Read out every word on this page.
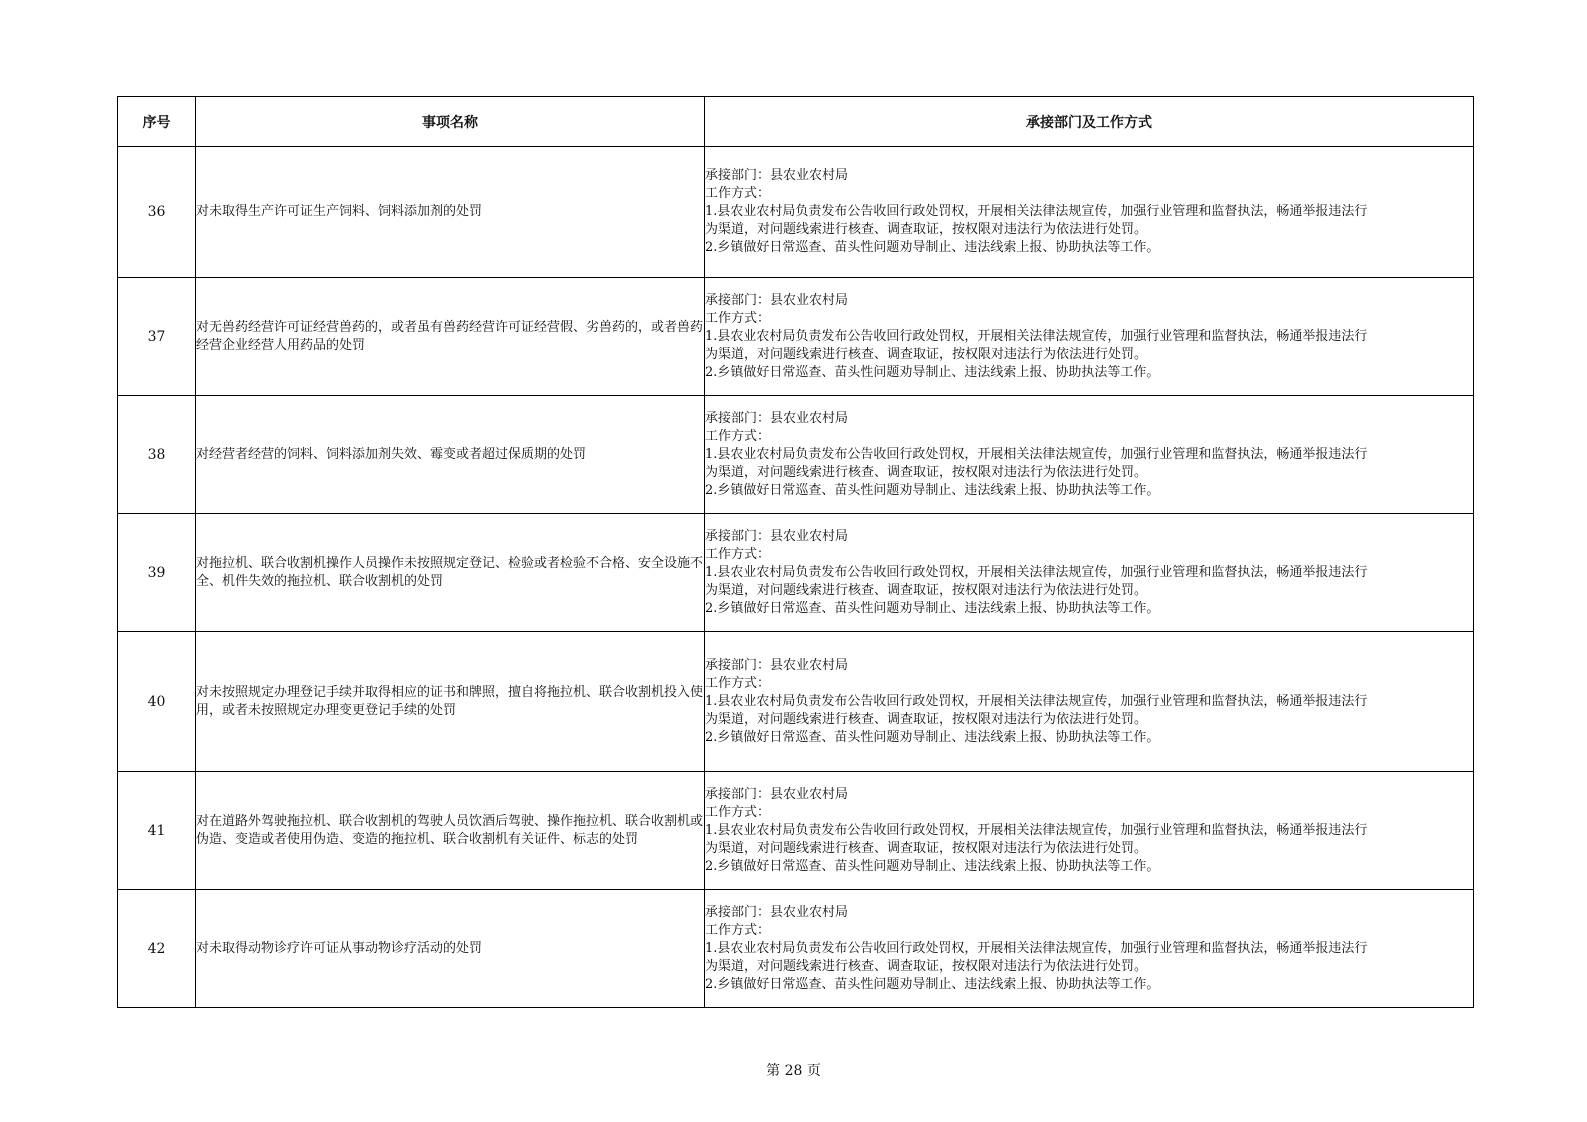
序号	事项名称	承接部门及工作方式
36	对未取得生产许可证生产饲料、饲料添加剂的处罚	承接部门：县农业农村局
工作方式：
1.县农业农村局负责发布公告收回行政处罚权，开展相关法律法规宣传，加强行业管理和监督执法，畅通举报违法行
为渠道，对问题线索进行核查、调查取证，按权限对违法行为依法进行处罚。
2.乡镇做好日常巡查、苗头性问题劝导制止、违法线索上报、协助执法等工作。

37	对无兽药经营许可证经营兽药的，或者虽有兽药经营许可证经营假、劣兽药的，或者兽药经营企业经营人用药品的处罚	承接部门：县农业农村局
工作方式：
1.县农业农村局负责发布公告收回行政处罚权，开展相关法律法规宣传，加强行业管理和监督执法，畅通举报违法行
为渠道，对问题线索进行核查、调查取证，按权限对违法行为依法进行处罚。
2.乡镇做好日常巡查、苗头性问题劝导制止、违法线索上报、协助执法等工作。

38	对经营者经营的饲料、饲料添加剂失效、霉变或者超过保质期的处罚	承接部门：县农业农村局
工作方式：
1.县农业农村局负责发布公告收回行政处罚权，开展相关法律法规宣传，加强行业管理和监督执法，畅通举报违法行
为渠道，对问题线索进行核查、调查取证，按权限对违法行为依法进行处罚。
2.乡镇做好日常巡查、苗头性问题劝导制止、违法线索上报、协助执法等工作。

39	对拖拉机、联合收割机操作人员操作未按照规定登记、检验或者检验不合格、安全设施不全、机件失效的拖拉机、联合收割机的处罚	承接部门：县农业农村局
工作方式：
1.县农业农村局负责发布公告收回行政处罚权，开展相关法律法规宣传，加强行业管理和监督执法，畅通举报违法行
为渠道，对问题线索进行核查、调查取证，按权限对违法行为依法进行处罚。
2.乡镇做好日常巡查、苗头性问题劝导制止、违法线索上报、协助执法等工作。

40	对未按照规定办理登记手续并取得相应的证书和牌照，擅自将拖拉机、联合收割机投入使用，或者未按照规定办理变更登记手续的处罚	承接部门：县农业农村局
工作方式：
1.县农业农村局负责发布公告收回行政处罚权，开展相关法律法规宣传，加强行业管理和监督执法，畅通举报违法行
为渠道，对问题线索进行核查、调查取证，按权限对违法行为依法进行处罚。
2.乡镇做好日常巡查、苗头性问题劝导制止、违法线索上报、协助执法等工作。

41	对在道路外驾驶拖拉机、联合收割机的驾驶人员饮酒后驾驶、操作拖拉机、联合收割机或伪造、变造或者使用伪造、变造的拖拉机、联合收割机有关证件、标志的处罚	承接部门：县农业农村局
工作方式：
1.县农业农村局负责发布公告收回行政处罚权，开展相关法律法规宣传，加强行业管理和监督执法，畅通举报违法行
为渠道，对问题线索进行核查、调查取证，按权限对违法行为依法进行处罚。
2.乡镇做好日常巡查、苗头性问题劝导制止、违法线索上报、协助执法等工作。

42	对未取得动物诊疗许可证从事动物诊疗活动的处罚	承接部门：县农业农村局
工作方式：
1.县农业农村局负责发布公告收回行政处罚权，开展相关法律法规宣传，加强行业管理和监督执法，畅通举报违法行
为渠道，对问题线索进行核查、调查取证，按权限对违法行为依法进行处罚。
2.乡镇做好日常巡查、苗头性问题劝导制止、违法线索上报、协助执法等工作。
第 28 页
